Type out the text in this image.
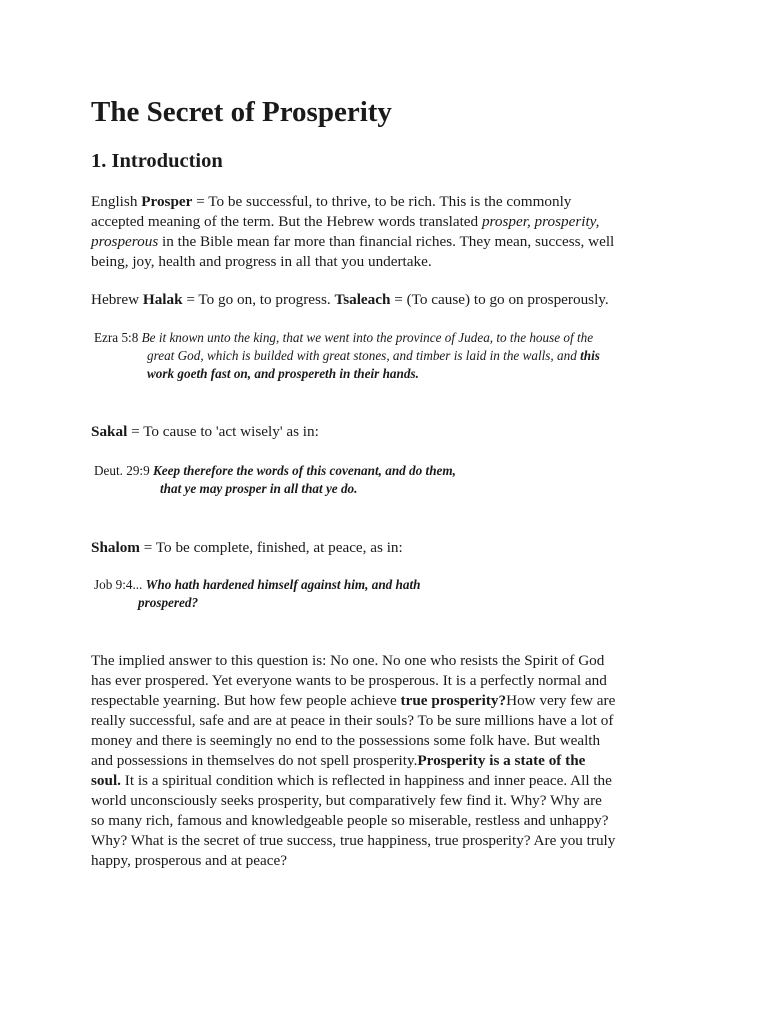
The Secret of Prosperity
1. Introduction

English Prosper = To be successful, to thrive, to be rich. This is the commonly
accepted meaning of the term. But the Hebrew words translated prosper, prosperity,
prosperous in the Bible mean far more than financial riches. They mean, success, well
being, joy, health and progress in all that you undertake.

Hebrew Halak = To go on, to progress. Tsaleach = (To cause) to go on prosperously.

Ezra 5:8 Be it known unto the king, that we went into the province of Judea, to the house of the
great God, which is builded with great stones, and timber is laid in the walls, and this
work goeth fast on, and prospereth in their hands.

Sakal = To cause to 'act wisely' as in:

Deut. 29:9 Keep therefore the words of this covenant, and do them,
that ye may prosper in all that ye do.

Shalom = To be complete, finished, at peace, as in:

Job 9:4... Who hath hardened himself against him, and hath
prospered?

The implied answer to this question is: No one. No one who resists the Spirit of God
has ever prospered. Yet everyone wants to be prosperous. It is a perfectly normal and
respectable yearning. But how few people achieve true prosperity?How very few are
really successful, safe and are at peace in their souls? To be sure millions have a lot of
money and there is seemingly no end to the possessions some folk have. But wealth
and possessions in themselves do not spell prosperity.Prosperity is a state of the
soul. It is a spiritual condition which is reflected in happiness and inner peace. All the
world unconsciously seeks prosperity, but comparatively few find it. Why? Why are
so many rich, famous and knowledgeable people so miserable, restless and unhappy?
Why? What is the secret of true success, true happiness, true prosperity? Are you truly
happy, prosperous and at peace?
